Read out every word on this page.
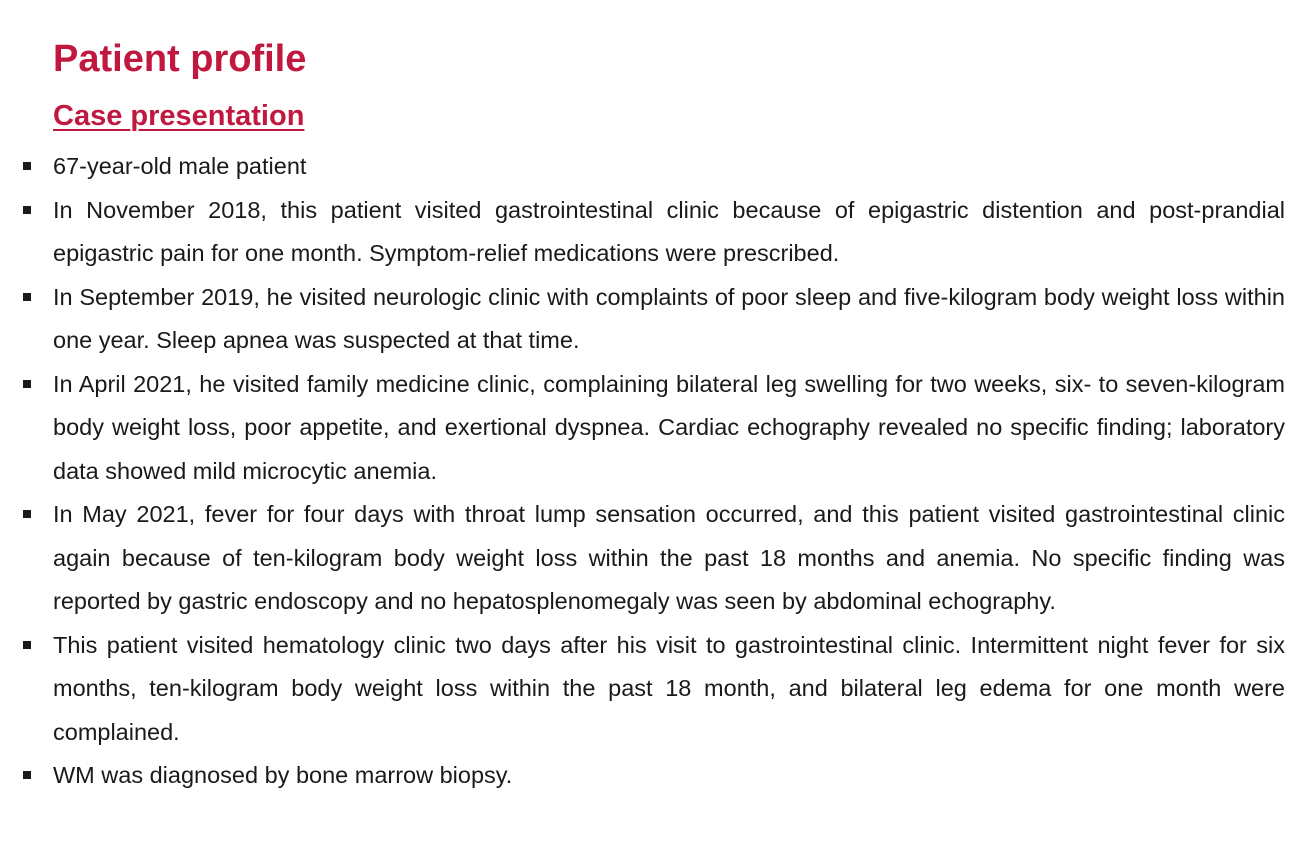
Patient profile
Case presentation
67-year-old male patient
In November 2018, this patient visited gastrointestinal clinic because of epigastric distention and post-prandial epigastric pain for one month. Symptom-relief medications were prescribed.
In September 2019, he visited neurologic clinic with complaints of poor sleep and five-kilogram body weight loss within one year. Sleep apnea was suspected at that time.
In April 2021, he visited family medicine clinic, complaining bilateral leg swelling for two weeks, six- to seven-kilogram body weight loss, poor appetite, and exertional dyspnea. Cardiac echography revealed no specific finding; laboratory data showed mild microcytic anemia.
In May 2021, fever for four days with throat lump sensation occurred, and this patient visited gastrointestinal clinic again because of ten-kilogram body weight loss within the past 18 months and anemia. No specific finding was reported by gastric endoscopy and no hepatosplenomegaly was seen by abdominal echography.
This patient visited hematology clinic two days after his visit to gastrointestinal clinic. Intermittent night fever for six months, ten-kilogram body weight loss within the past 18 month, and bilateral leg edema for one month were complained.
WM was diagnosed by bone marrow biopsy.
